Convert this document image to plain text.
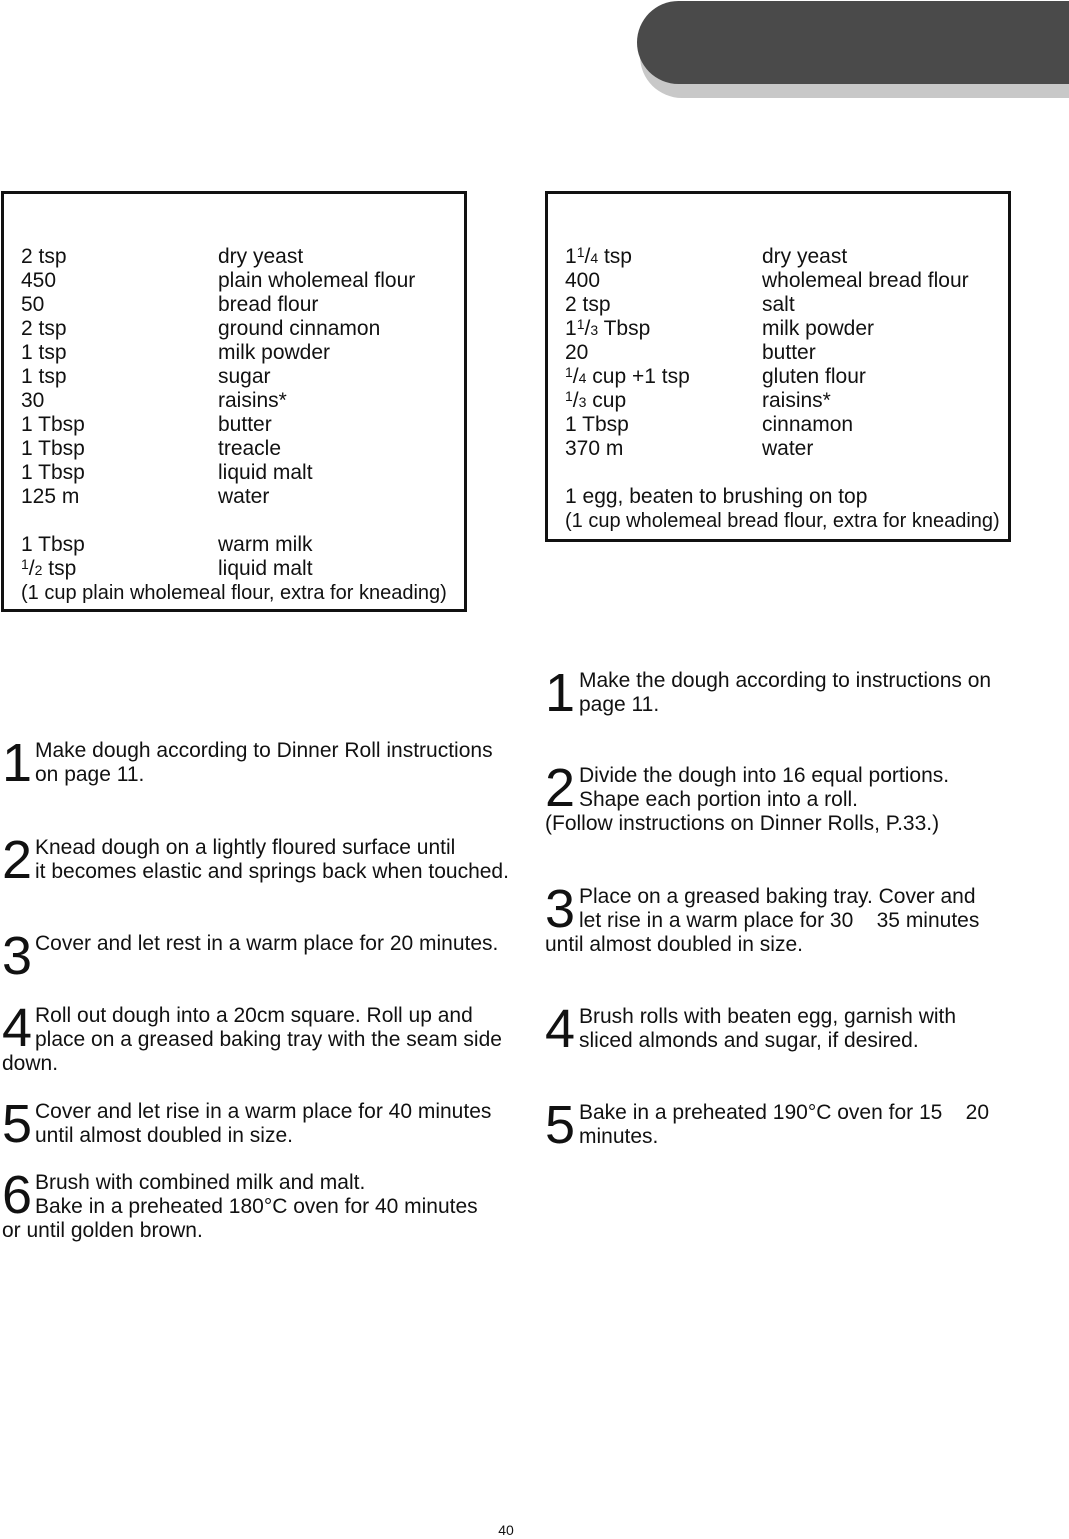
2 tsp	dry yeast
450	plain wholemeal flour
50	bread flour
2 tsp	ground cinnamon
1 tsp	milk powder
1 tsp	sugar
30	raisins*
1 Tbsp	butter
1 Tbsp	treacle
1 Tbsp	liquid malt
125 m	water
1 Tbsp	warm milk
$^1$/2 tsp	liquid malt
(1 cup plain wholemeal flour, extra for kneading)
$1^1/4$ tsp	dry yeast
400	wholemeal bread flour
2 tsp	salt
$1^1/3$ Tbsp	milk powder
20	butter
$^1$/4 cup +1 tsp	gluten flour
$^1$/3 cup	raisins*
1 Tbsp	cinnamon
370 m	water
1 egg, beaten to brushing on top
(1 cup wholemeal bread flour, extra for kneading)
1 Make dough according to Dinner Roll instructions
on page 11.
2 Knead dough on a lightly floured surface until
it becomes elastic and springs back when touched.
3 Cover and let rest in a warm place for 20 minutes.
4 Roll out dough into a 20cm square. Roll up and
place on a greased baking tray with the seam side
down.
5 Cover and let rise in a warm place for 40 minutes
until almost doubled in size.
6 Brush with combined milk and malt.
Bake in a preheated 180°C oven for 40 minutes
or until golden brown.
1 Make the dough according to instructions on
page 11.
2 Divide the dough into 16 equal portions.
Shape each portion into a roll.
(Follow instructions on Dinner Rolls, P.33.)
3 Place on a greased baking tray. Cover and
let rise in a warm place for 30    35 minutes
until almost doubled in size.
4 Brush rolls with beaten egg, garnish with
sliced almonds and sugar, if desired.
5 Bake in a preheated 190°C oven for 15    20
minutes.
40
